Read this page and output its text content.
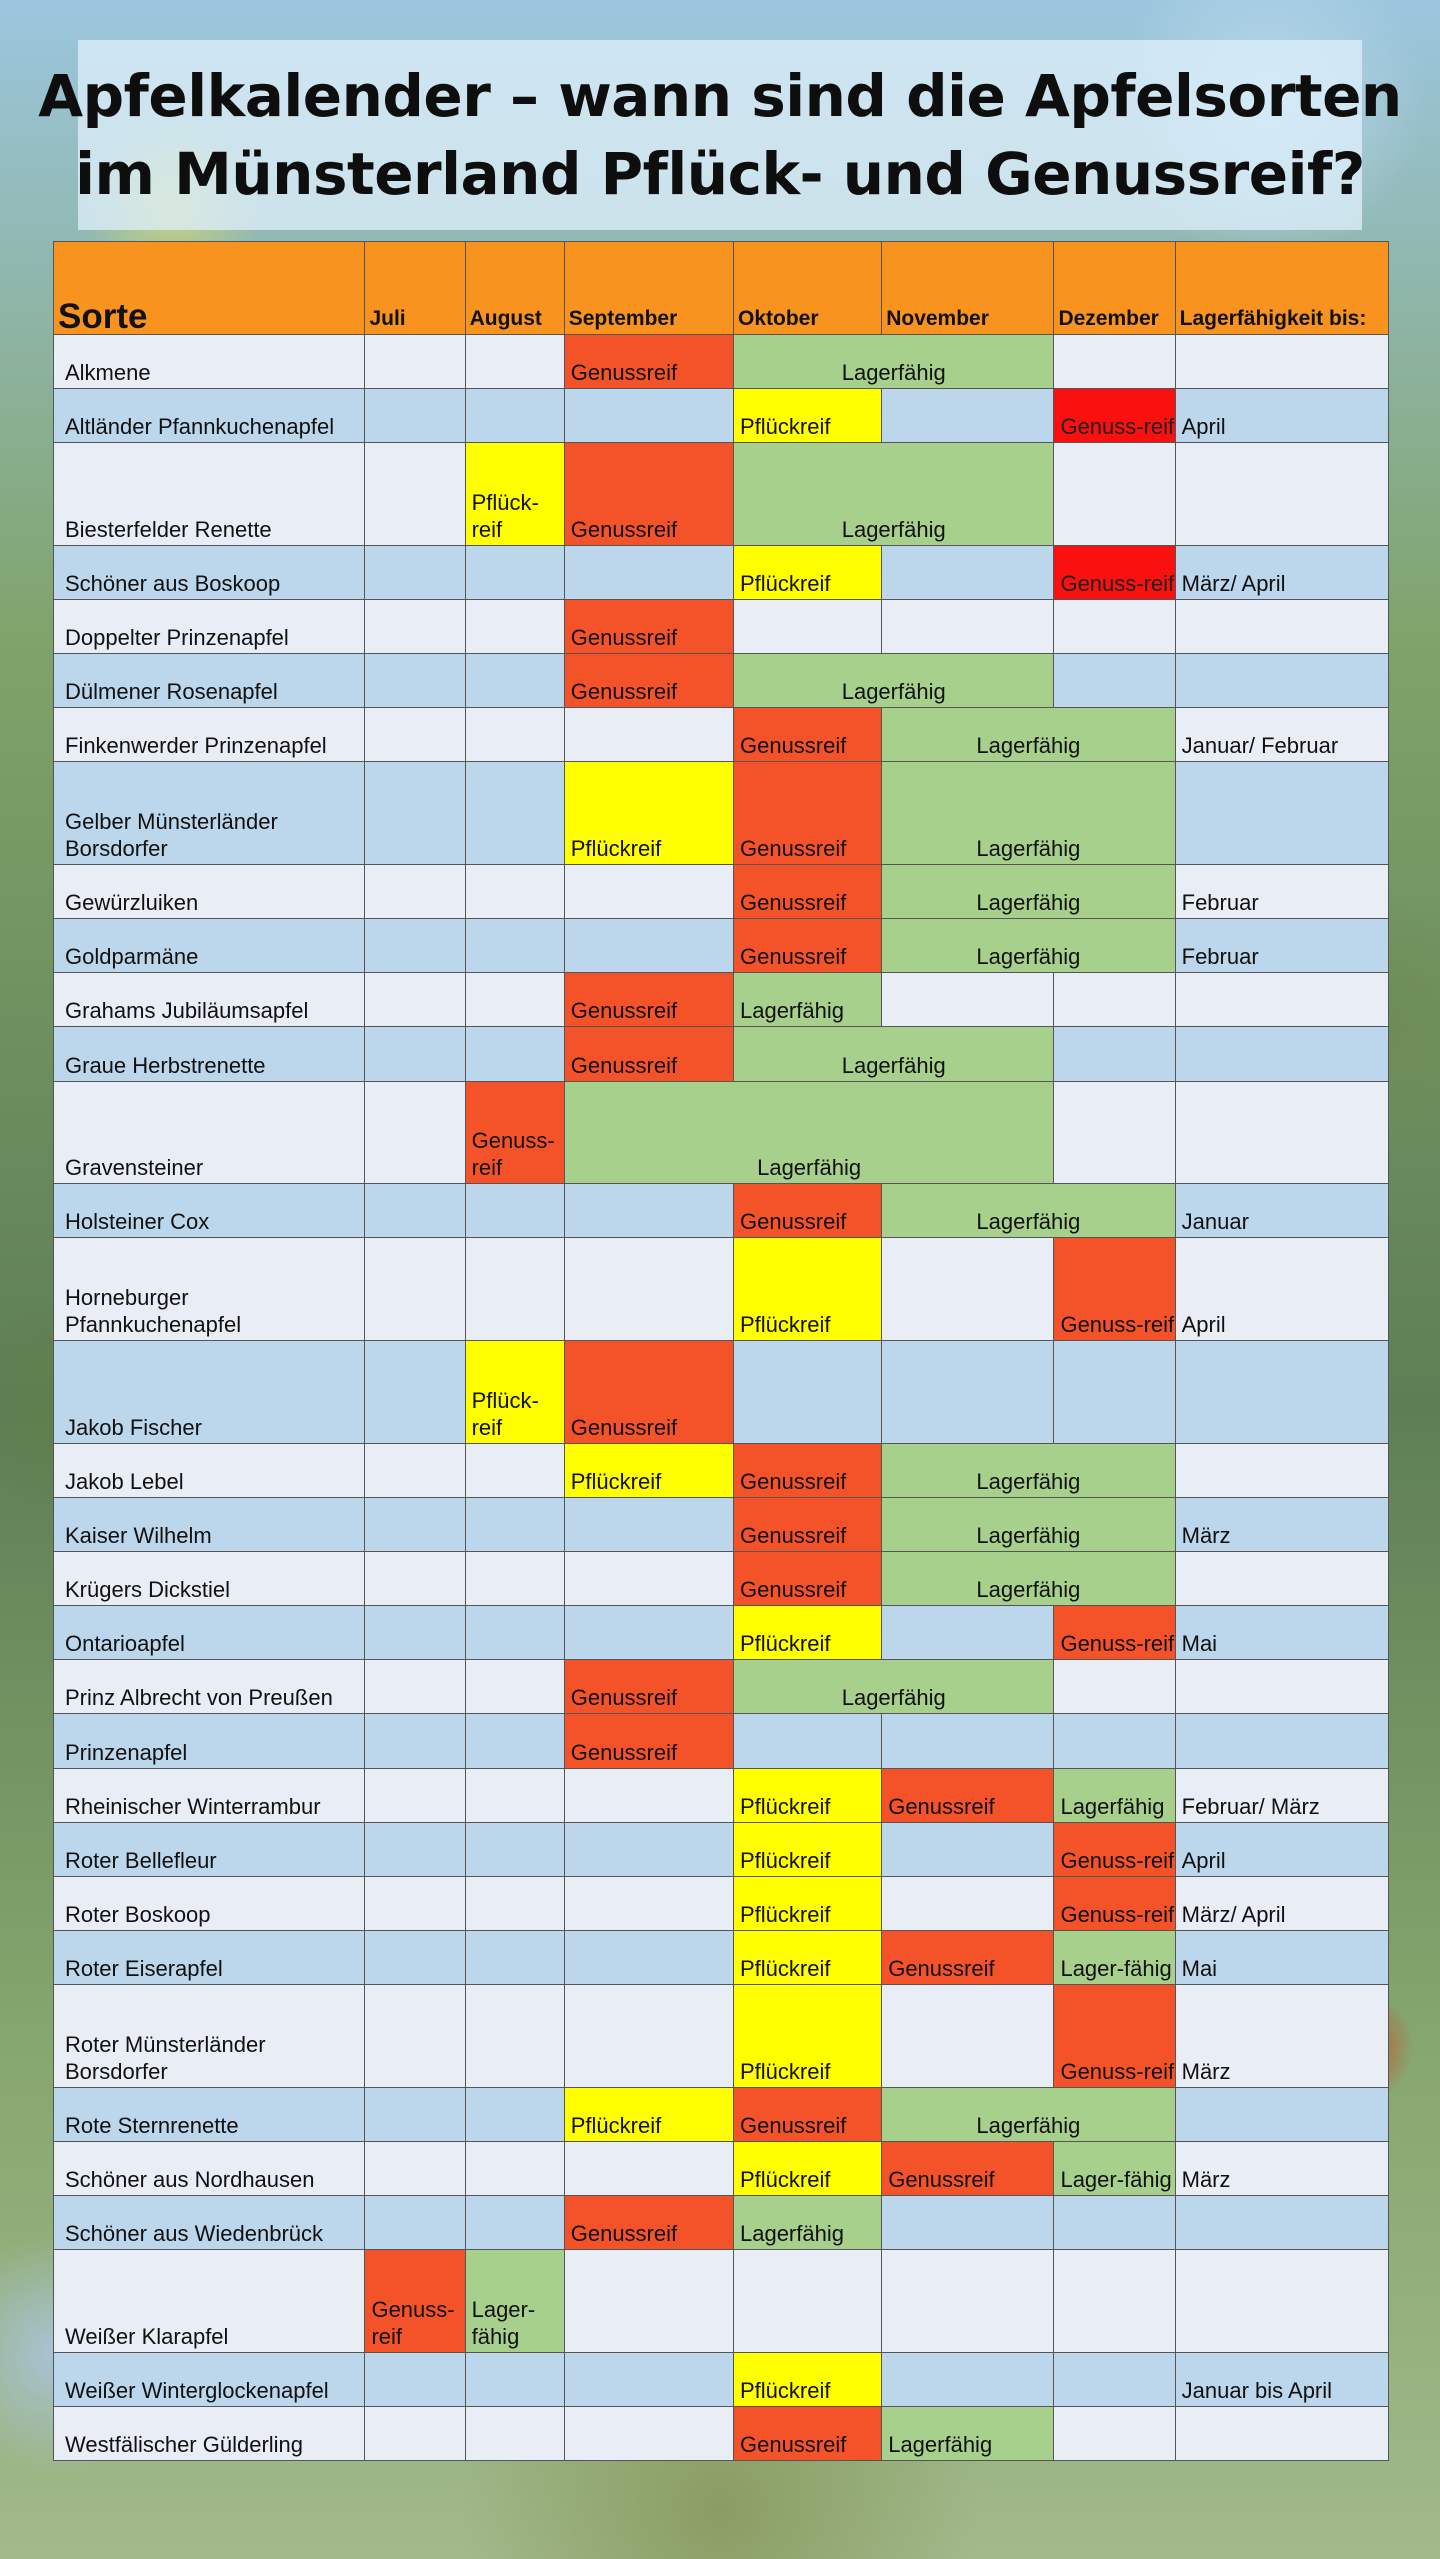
Apfelkalender – wann sind die Apfelsorten
im Münsterland Pflück- und Genussreif?
Sorte	Juli	August	September	Oktober	November	Dezember	Lagerfähigkeit bis:
Alkmene			Genussreif	Lagerfähig			
Altländer Pfannkuchenapfel				Pflückreif		Genuss-reif	April
Biesterfelder Renette		Pflück-reif	Genussreif	Lagerfähig			
Schöner aus Boskoop				Pflückreif		Genuss-reif	März/ April
Doppelter Prinzenapfel			Genussreif				
Dülmener Rosenapfel			Genussreif	Lagerfähig			
Finkenwerder Prinzenapfel				Genussreif	Lagerfähig		Januar/ Februar
Gelber Münsterländer Borsdorfer			Pflückreif	Genussreif	Lagerfähig		
Gewürzluiken				Genussreif	Lagerfähig		Februar
Goldparmäne				Genussreif	Lagerfähig		Februar
Grahams Jubiläumsapfel			Genussreif	Lagerfähig			
Graue Herbstrenette			Genussreif	Lagerfähig			
Gravensteiner		Genuss-reif	Lagerfähig				
Holsteiner Cox				Genussreif	Lagerfähig		Januar
Horneburger Pfannkuchenapfel				Pflückreif		Genuss-reif	April
Jakob Fischer		Pflück-reif	Genussreif				
Jakob Lebel			Pflückreif	Genussreif	Lagerfähig		
Kaiser Wilhelm				Genussreif	Lagerfähig		März
Krügers Dickstiel				Genussreif	Lagerfähig		
Ontarioapfel				Pflückreif		Genuss-reif	Mai
Prinz Albrecht von Preußen			Genussreif	Lagerfähig			
Prinzenapfel			Genussreif				
Rheinischer Winterrambur				Pflückreif	Genussreif	Lagerfähig	Februar/ März
Roter Bellefleur				Pflückreif		Genuss-reif	April
Roter Boskoop				Pflückreif		Genuss-reif	März/ April
Roter Eiserapfel				Pflückreif	Genussreif	Lager-fähig	Mai
Roter Münsterländer Borsdorfer				Pflückreif		Genuss-reif	März
Rote Sternrenette			Pflückreif	Genussreif	Lagerfähig		
Schöner aus Nordhausen				Pflückreif	Genussreif	Lager-fähig	März
Schöner aus Wiedenbrück			Genussreif	Lagerfähig			
Weißer Klarapfel	Genuss-reif	Lager-fähig					
Weißer Winterglockenapfel				Pflückreif			Januar bis April
Westfälischer Gülderling				Genussreif	Lagerfähig		
